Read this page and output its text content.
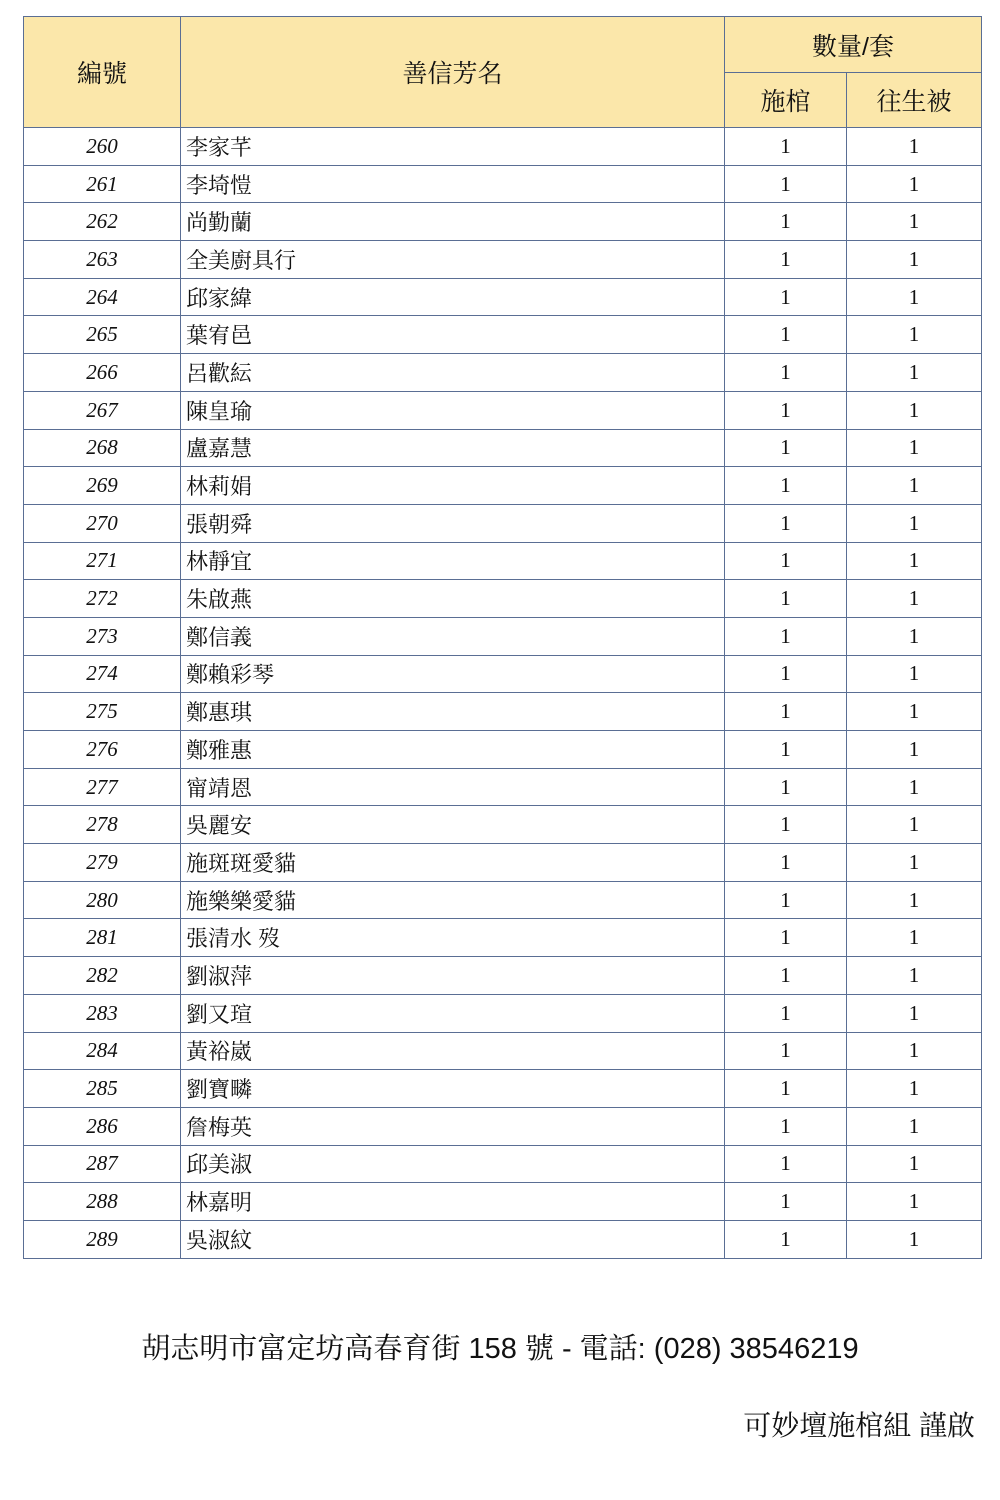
編號	善信芳名	數量/套	
		施棺	往生被
260	李家芊	1	1
261	李埼愷	1	1
262	尚勤蘭	1	1
263	全美廚具行	1	1
264	邱家緯	1	1
265	葉宥邑	1	1
266	呂歡紜	1	1
267	陳皇瑜	1	1
268	盧嘉慧	1	1
269	林莉娟	1	1
270	張朝舜	1	1
271	林靜宜	1	1
272	朱啟燕	1	1
273	鄭信義	1	1
274	鄭賴彩琴	1	1
275	鄭惠琪	1	1
276	鄭雅惠	1	1
277	甯靖恩	1	1
278	吳麗安	1	1
279	施斑斑愛貓	1	1
280	施樂樂愛貓	1	1
281	張清水 歿	1	1
282	劉淑萍	1	1
283	劉又瑄	1	1
284	黃裕崴	1	1
285	劉寶疄	1	1
286	詹梅英	1	1
287	邱美淑	1	1
288	林嘉明	1	1
289	吳淑紋	1	1
胡志明市富定坊高春育街 158 號 - 電話: (028) 38546219
可妙壇施棺組 謹啟
